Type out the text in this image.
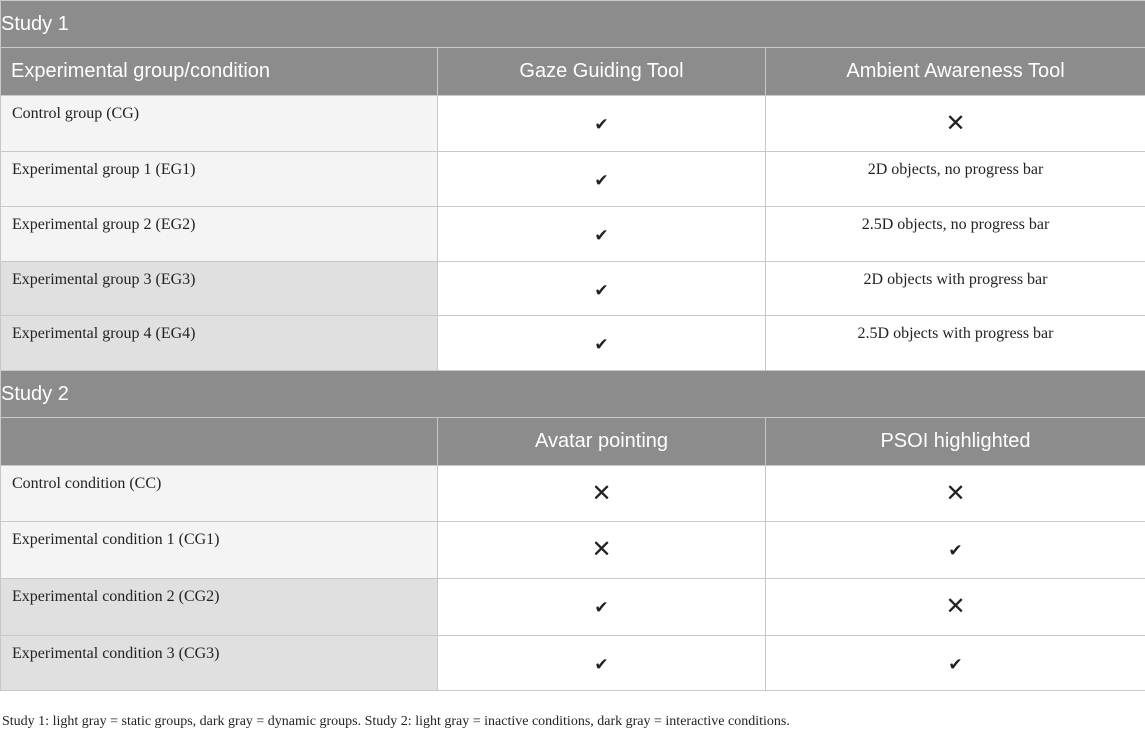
Study 1		
Experimental group/condition	Gaze Guiding Tool	Ambient Awareness Tool
Control group (CG)	✔	✕

Experimental group 1 (EG1)	✔	2D objects, no progress bar

Experimental group 2 (EG2)	✔	2.5D objects, no progress bar

Experimental group 3 (EG3)	✔	2D objects with progress bar

Experimental group 4 (EG4)	✔	2.5D objects with progress bar

Study 2		
	Avatar pointing	PSOI highlighted
Control condition (CC)	✕	✕

Experimental condition 1 (CG1)	✕	✔

Experimental condition 2 (CG2)	✔	✕

Experimental condition 3 (CG3)	✔	✔
Study 1: light gray = static groups, dark gray = dynamic groups. Study 2: light gray = inactive conditions, dark gray = interactive conditions.
